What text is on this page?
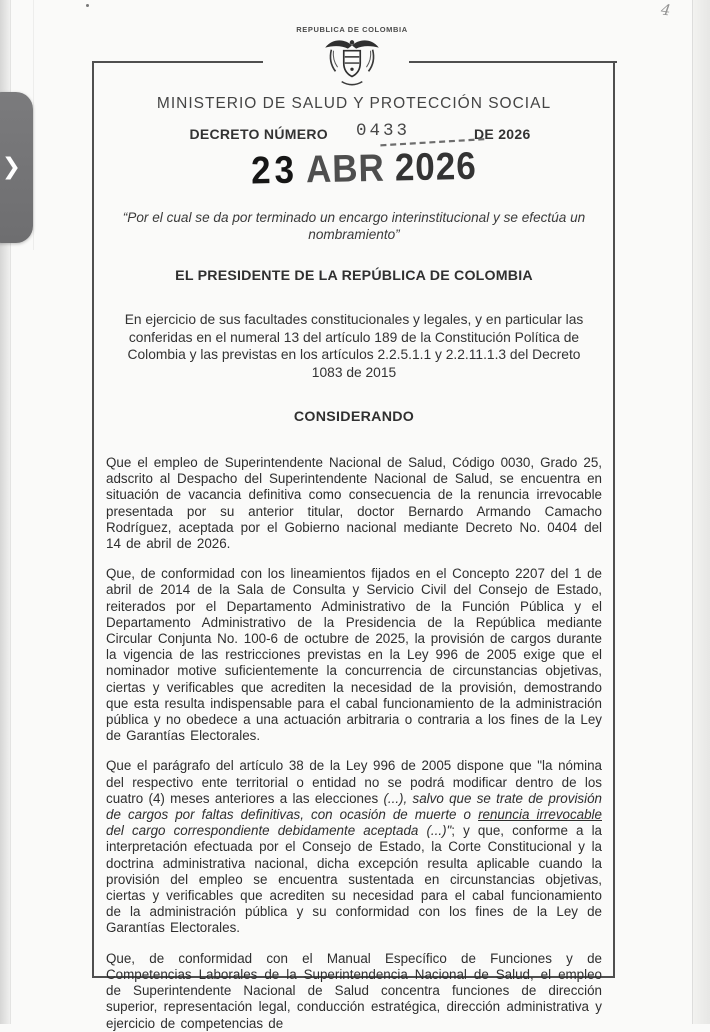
4
REPUBLICA DE COLOMBIA
MINISTERIO DE SALUD Y PROTECCIÓN SOCIAL
DECRETO NÚMERO 0433	DE 2026
23 ABR 2026
“Por el cual se da por terminado un encargo interinstitucional y se efectúa un nombramiento”
EL PRESIDENTE DE LA REPÚBLICA DE COLOMBIA
En ejercicio de sus facultades constitucionales y legales, y en particular las conferidas en el numeral 13 del artículo 189 de la Constitución Política de Colombia y las previstas en los artículos 2.2.5.1.1 y 2.2.11.1.3 del Decreto 1083 de 2015
CONSIDERANDO

Que el empleo de Superintendente Nacional de Salud, Código 0030, Grado 25, adscrito al Despacho del Superintendente Nacional de Salud, se encuentra en situación de vacancia definitiva como consecuencia de la renuncia irrevocable presentada por su anterior titular, doctor Bernardo Armando Camacho Rodríguez, aceptada por el Gobierno nacional mediante Decreto No. 0404 del 14 de abril de 2026.

Que, de conformidad con los lineamientos fijados en el Concepto 2207 del 1 de abril de 2014 de la Sala de Consulta y Servicio Civil del Consejo de Estado, reiterados por el Departamento Administrativo de la Función Pública y el Departamento Administrativo de la Presidencia de la República mediante Circular Conjunta No. 100-6 de octubre de 2025, la provisión de cargos durante la vigencia de las restricciones previstas en la Ley 996 de 2005 exige que el nominador motive suficientemente la concurrencia de circunstancias objetivas, ciertas y verificables que acrediten la necesidad de la provisión, demostrando que esta resulta indispensable para el cabal funcionamiento de la administración pública y no obedece a una actuación arbitraria o contraria a los fines de la Ley de Garantías Electorales.

Que el parágrafo del artículo 38 de la Ley 996 de 2005 dispone que "la nómina del respectivo ente territorial o entidad no se podrá modificar dentro de los cuatro (4) meses anteriores a las elecciones (...), salvo que se trate de provisión de cargos por faltas definitivas, con ocasión de muerte o renuncia irrevocable del cargo correspondiente debidamente aceptada (...)"; y que, conforme a la interpretación efectuada por el Consejo de Estado, la Corte Constitucional y la doctrina administrativa nacional, dicha excepción resulta aplicable cuando la provisión del empleo se encuentra sustentada en circunstancias objetivas, ciertas y verificables que acrediten su necesidad para el cabal funcionamiento de la administración pública y su conformidad con los fines de la Ley de Garantías Electorales.

Que, de conformidad con el Manual Específico de Funciones y de Competencias Laborales de la Superintendencia Nacional de Salud, el empleo de Superintendente Nacional de Salud concentra funciones de dirección superior, representación legal, conducción estratégica, dirección administrativa y ejercicio de competencias de

❯
